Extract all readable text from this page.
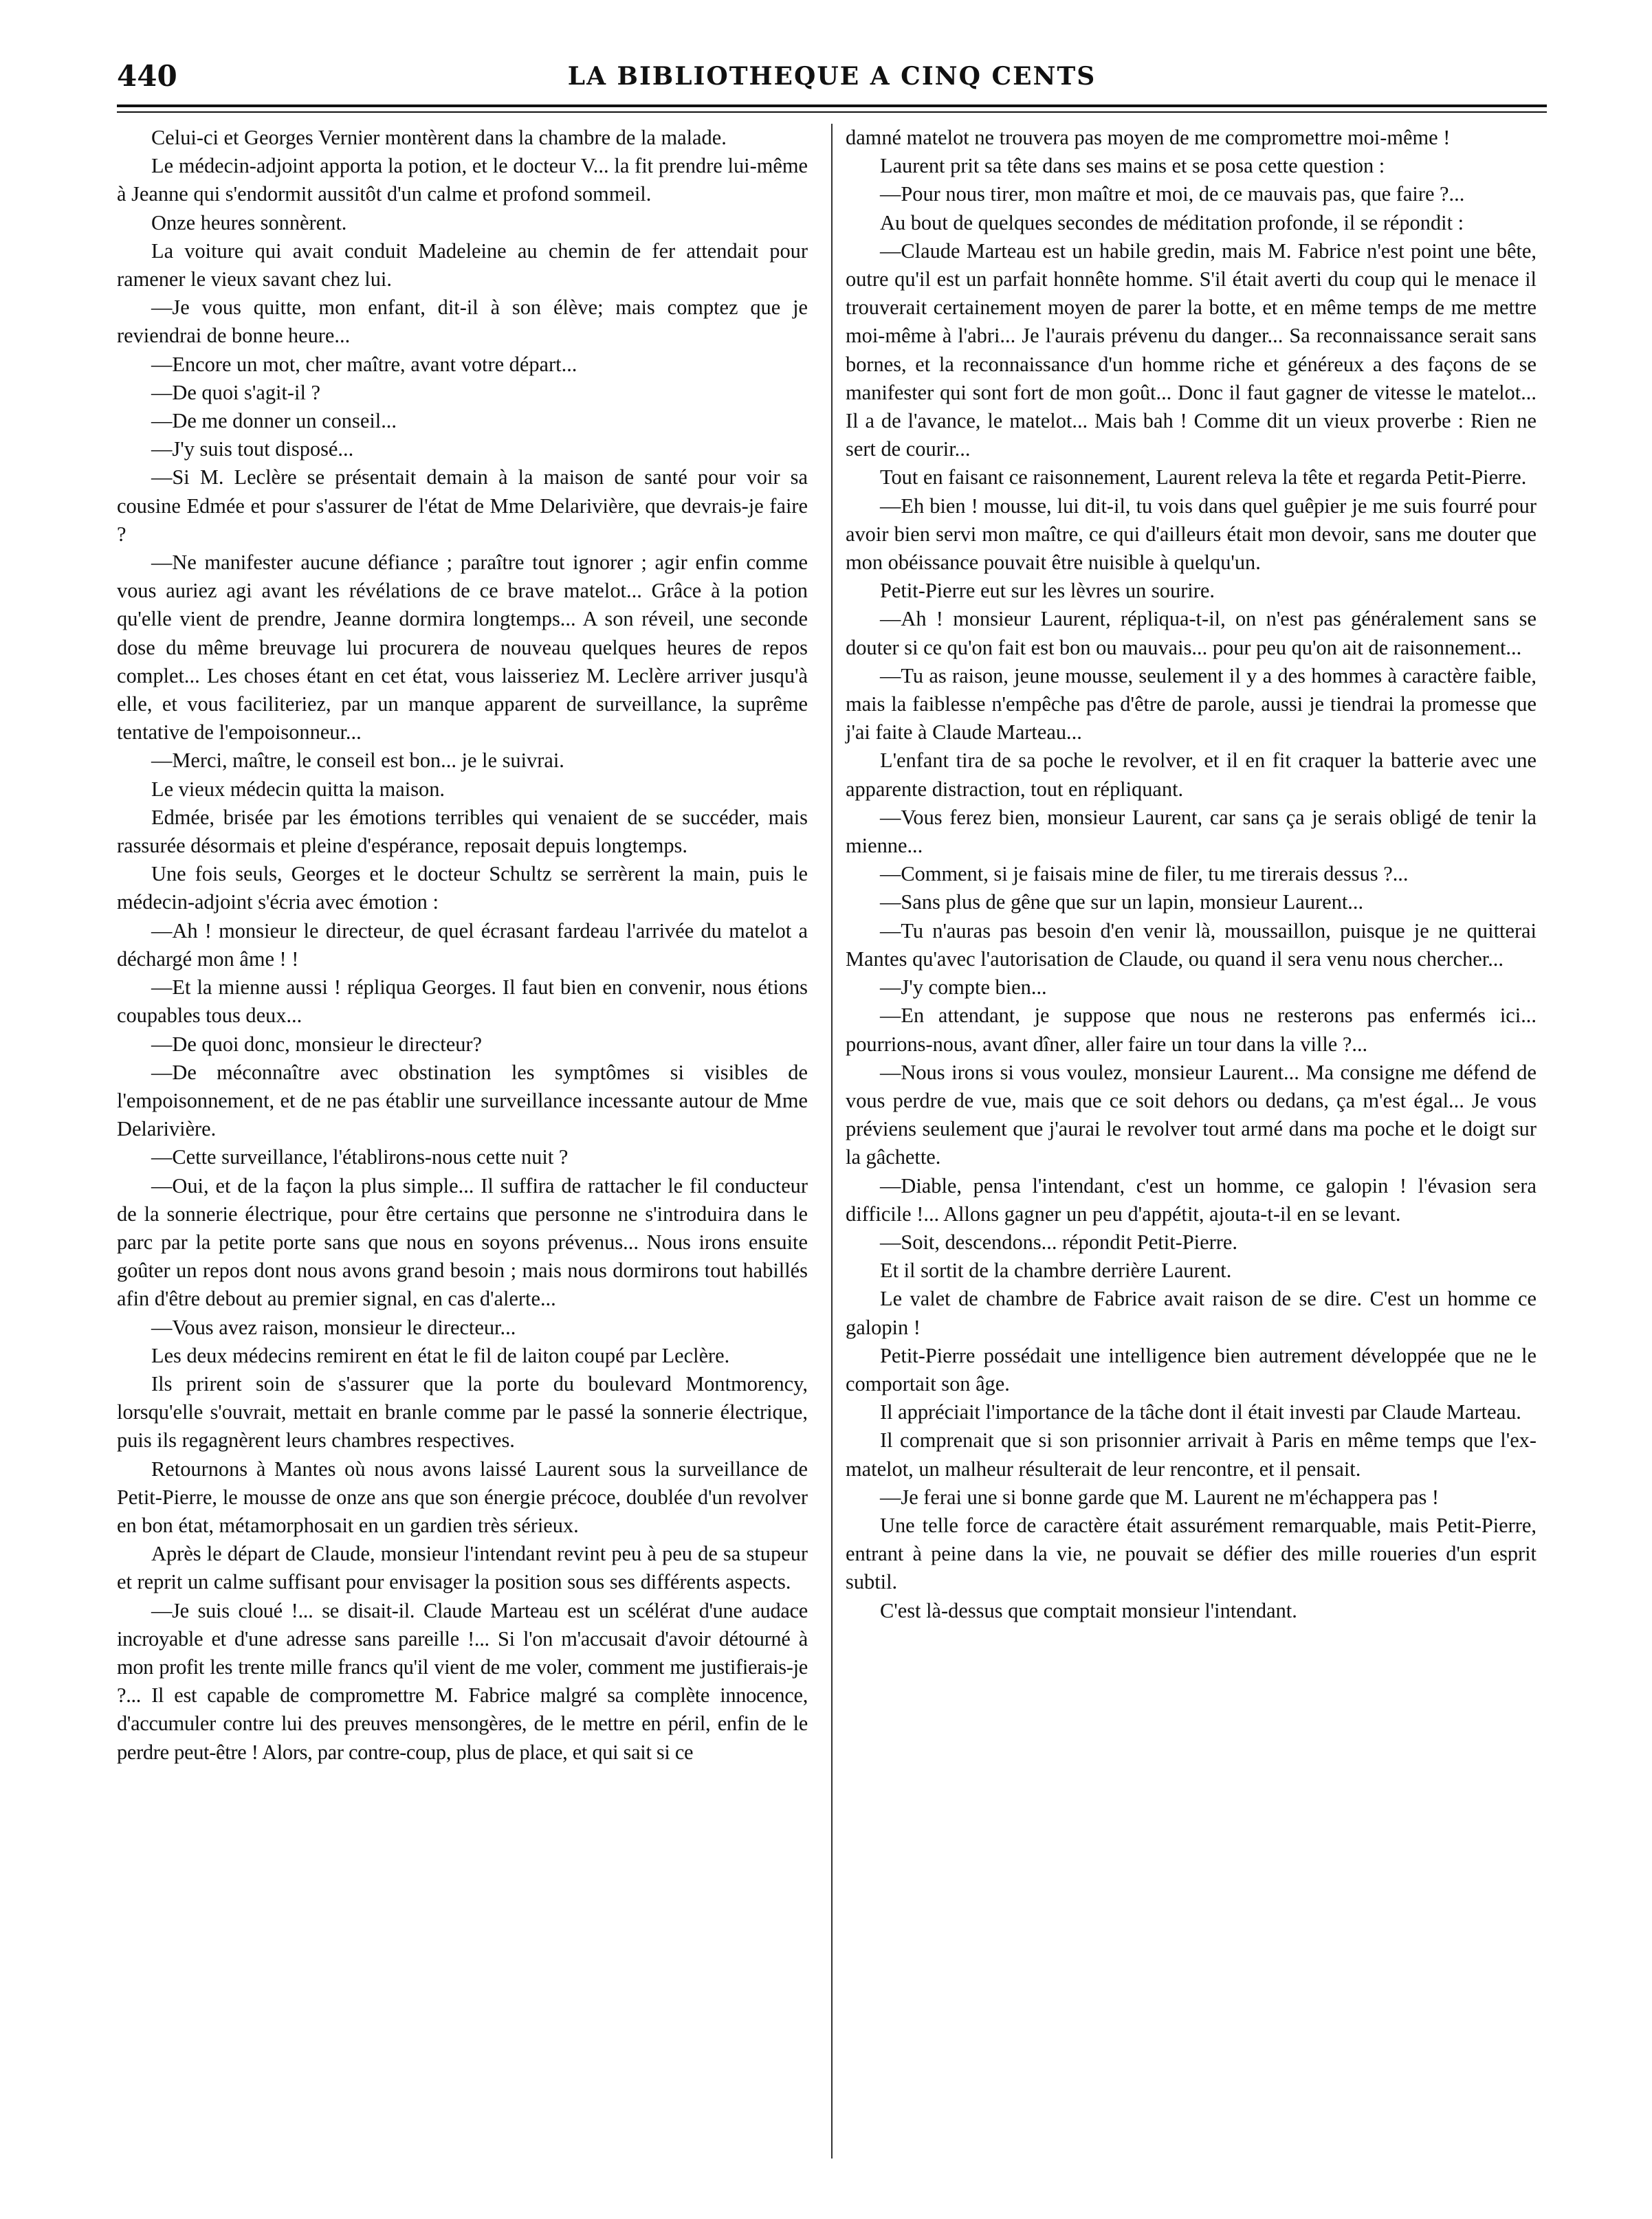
440	LA BIBLIOTHEQUE A CINQ CENTS

Celui-ci et Georges Vernier montèrent dans la chambre de la malade.

Le médecin-adjoint apporta la potion, et le docteur V... la fit prendre lui-même à Jeanne qui s'endormit aussitôt d'un calme et profond sommeil.

Onze heures sonnèrent.

La voiture qui avait conduit Madeleine au chemin de fer attendait pour ramener le vieux savant chez lui.

—Je vous quitte, mon enfant, dit-il à son élève; mais comptez que je reviendrai de bonne heure...

—Encore un mot, cher maître, avant votre départ...

—De quoi s'agit-il ?

—De me donner un conseil...

—J'y suis tout disposé...

—Si M. Leclère se présentait demain à la maison de santé pour voir sa cousine Edmée et pour s'assurer de l'état de Mme Delarivière, que devrais-je faire ?

—Ne manifester aucune défiance ; paraître tout ignorer ; agir enfin comme vous auriez agi avant les révélations de ce brave matelot... Grâce à la potion qu'elle vient de prendre, Jeanne dormira longtemps... A son réveil, une seconde dose du même breuvage lui procurera de nouveau quelques heures de repos complet... Les choses étant en cet état, vous laisseriez M. Leclère arriver jusqu'à elle, et vous faciliteriez, par un manque apparent de surveillance, la suprême tentative de l'empoisonneur...

—Merci, maître, le conseil est bon... je le suivrai.

Le vieux médecin quitta la maison.

Edmée, brisée par les émotions terribles qui venaient de se succéder, mais rassurée désormais et pleine d'espérance, reposait depuis longtemps.

Une fois seuls, Georges et le docteur Schultz se serrèrent la main, puis le médecin-adjoint s'écria avec émotion :

—Ah ! monsieur le directeur, de quel écrasant fardeau l'arrivée du matelot a déchargé mon âme ! !

—Et la mienne aussi ! répliqua Georges. Il faut bien en convenir, nous étions coupables tous deux...

—De quoi donc, monsieur le directeur?

—De méconnaître avec obstination les symptômes si visibles de l'empoisonnement, et de ne pas établir une surveillance incessante autour de Mme Delarivière.

—Cette surveillance, l'établirons-nous cette nuit ?

—Oui, et de la façon la plus simple... Il suffira de rattacher le fil conducteur de la sonnerie électrique, pour être certains que personne ne s'introduira dans le parc par la petite porte sans que nous en soyons prévenus... Nous irons ensuite goûter un repos dont nous avons grand besoin ; mais nous dormirons tout habillés afin d'être debout au premier signal, en cas d'alerte...

—Vous avez raison, monsieur le directeur...

Les deux médecins remirent en état le fil de laiton coupé par Leclère.

Ils prirent soin de s'assurer que la porte du boulevard Montmorency, lorsqu'elle s'ouvrait, mettait en branle comme par le passé la sonnerie électrique, puis ils regagnèrent leurs chambres respectives.

Retournons à Mantes où nous avons laissé Laurent sous la surveillance de Petit-Pierre, le mousse de onze ans que son énergie précoce, doublée d'un revolver en bon état, métamorphosait en un gardien très sérieux.

Après le départ de Claude, monsieur l'intendant revint peu à peu de sa stupeur et reprit un calme suffisant pour envisager la position sous ses différents aspects.

—Je suis cloué !... se disait-il. Claude Marteau est un scélérat d'une audace incroyable et d'une adresse sans pareille !... Si l'on m'accusait d'avoir détourné à mon profit les trente mille francs qu'il vient de me voler, comment me justifierais-je ?... Il est capable de compromettre M. Fabrice malgré sa complète innocence, d'accumuler contre lui des preuves mensongères, de le mettre en péril, enfin de le perdre peut-être ! Alors, par contre-coup, plus de place, et qui sait si ce

damné matelot ne trouvera pas moyen de me compromettre moi-même !

Laurent prit sa tête dans ses mains et se posa cette question :

—Pour nous tirer, mon maître et moi, de ce mauvais pas, que faire ?...

Au bout de quelques secondes de méditation profonde, il se répondit :

—Claude Marteau est un habile gredin, mais M. Fabrice n'est point une bête, outre qu'il est un parfait honnête homme. S'il était averti du coup qui le menace il trouverait certainement moyen de parer la botte, et en même temps de me mettre moi-même à l'abri... Je l'aurais prévenu du danger... Sa reconnaissance serait sans bornes, et la reconnaissance d'un homme riche et généreux a des façons de se manifester qui sont fort de mon goût... Donc il faut gagner de vitesse le matelot... Il a de l'avance, le matelot... Mais bah ! Comme dit un vieux proverbe : Rien ne sert de courir...

Tout en faisant ce raisonnement, Laurent releva la tête et regarda Petit-Pierre.

—Eh bien ! mousse, lui dit-il, tu vois dans quel guêpier je me suis fourré pour avoir bien servi mon maître, ce qui d'ailleurs était mon devoir, sans me douter que mon obéissance pouvait être nuisible à quelqu'un.

Petit-Pierre eut sur les lèvres un sourire.

—Ah ! monsieur Laurent, répliqua-t-il, on n'est pas généralement sans se douter si ce qu'on fait est bon ou mauvais... pour peu qu'on ait de raisonnement...

—Tu as raison, jeune mousse, seulement il y a des hommes à caractère faible, mais la faiblesse n'empêche pas d'être de parole, aussi je tiendrai la promesse que j'ai faite à Claude Marteau...

L'enfant tira de sa poche le revolver, et il en fit craquer la batterie avec une apparente distraction, tout en répliquant.

—Vous ferez bien, monsieur Laurent, car sans ça je serais obligé de tenir la mienne...

—Comment, si je faisais mine de filer, tu me tirerais dessus ?...

—Sans plus de gêne que sur un lapin, monsieur Laurent...

—Tu n'auras pas besoin d'en venir là, moussaillon, puisque je ne quitterai Mantes qu'avec l'autorisation de Claude, ou quand il sera venu nous chercher...

—J'y compte bien...

—En attendant, je suppose que nous ne resterons pas enfermés ici... pourrions-nous, avant dîner, aller faire un tour dans la ville ?...

—Nous irons si vous voulez, monsieur Laurent... Ma consigne me défend de vous perdre de vue, mais que ce soit dehors ou dedans, ça m'est égal... Je vous préviens seulement que j'aurai le revolver tout armé dans ma poche et le doigt sur la gâchette.

—Diable, pensa l'intendant, c'est un homme, ce galopin ! l'évasion sera difficile !... Allons gagner un peu d'appétit, ajouta-t-il en se levant.

—Soit, descendons... répondit Petit-Pierre.

Et il sortit de la chambre derrière Laurent.

Le valet de chambre de Fabrice avait raison de se dire. C'est un homme ce galopin !

Petit-Pierre possédait une intelligence bien autrement développée que ne le comportait son âge.

Il appréciait l'importance de la tâche dont il était investi par Claude Marteau.

Il comprenait que si son prisonnier arrivait à Paris en même temps que l'ex-matelot, un malheur résulterait de leur rencontre, et il pensait.

—Je ferai une si bonne garde que M. Laurent ne m'échappera pas !

Une telle force de caractère était assurément remarquable, mais Petit-Pierre, entrant à peine dans la vie, ne pouvait se défier des mille roueries d'un esprit subtil.

C'est là-dessus que comptait monsieur l'intendant.
